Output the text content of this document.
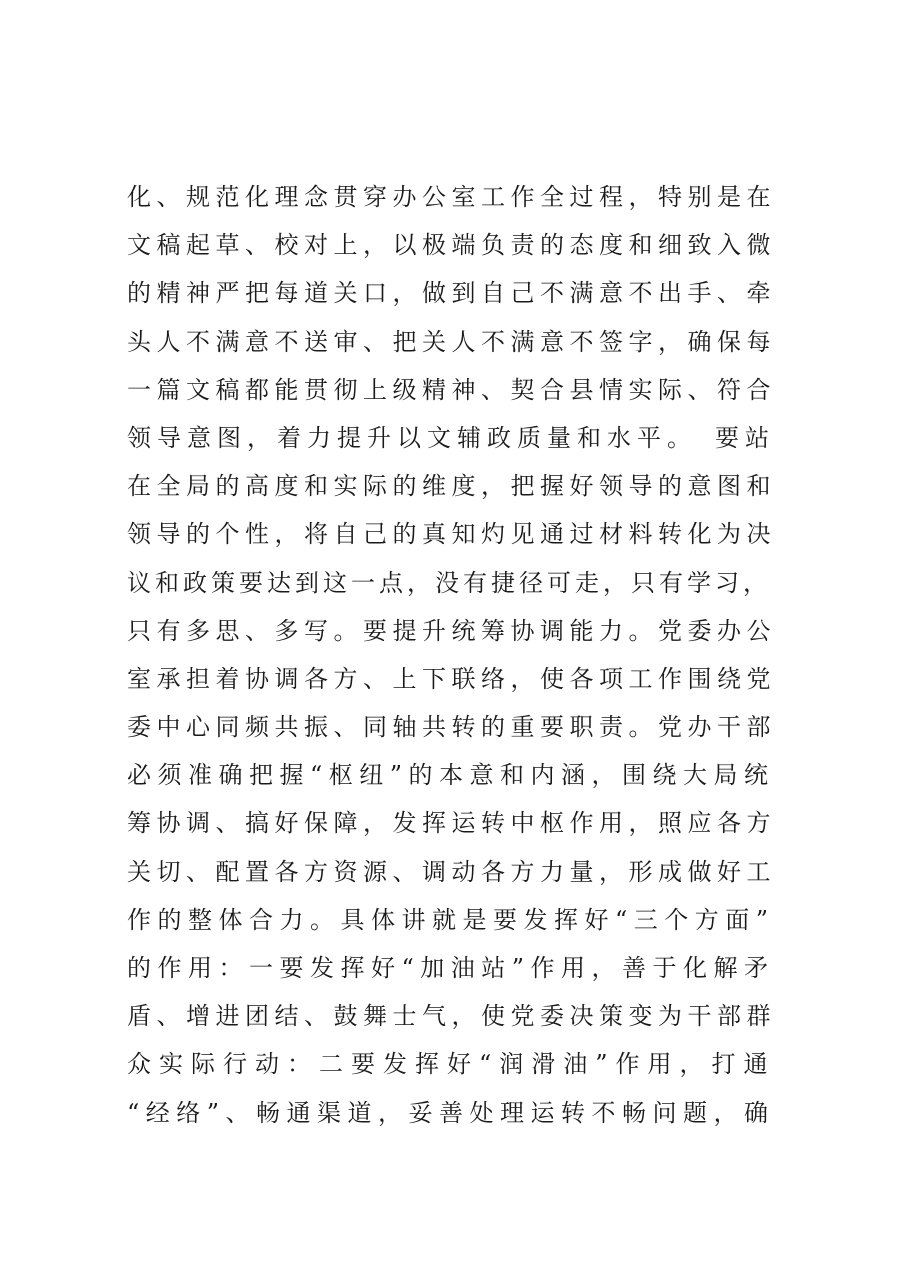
化、规范化理念贯穿办公室工作全过程，特别是在
文稿起草、校对上，以极端负责的态度和细致入微
的精神严把每道关口，做到自己不满意不出手、牵
头人不满意不送审、把关人不满意不签字，确保每
一篇文稿都能贯彻上级精神、契合县情实际、符合
领导意图，着力提升以文辅政质量和水平。　要站
在全局的高度和实际的维度，把握好领导的意图和
领导的个性，将自己的真知灼见通过材料转化为决
议和政策要达到这一点，没有捷径可走，只有学习，
只有多思、多写。要提升统筹协调能力。党委办公
室承担着协调各方、上下联络，使各项工作围绕党
委中心同频共振、同轴共转的重要职责。党办干部
必须准确把握“枢纽”的本意和内涵，围绕大局统
筹协调、搞好保障，发挥运转中枢作用，照应各方
关切、配置各方资源、调动各方力量，形成做好工
作的整体合力。具体讲就是要发挥好“三个方面”
的作用：一要发挥好“加油站”作用，善于化解矛
盾、增进团结、鼓舞士气，使党委决策变为干部群
众实际行动：二要发挥好“润滑油”作用，打通
“经络”、畅通渠道，妥善处理运转不畅问题，确
